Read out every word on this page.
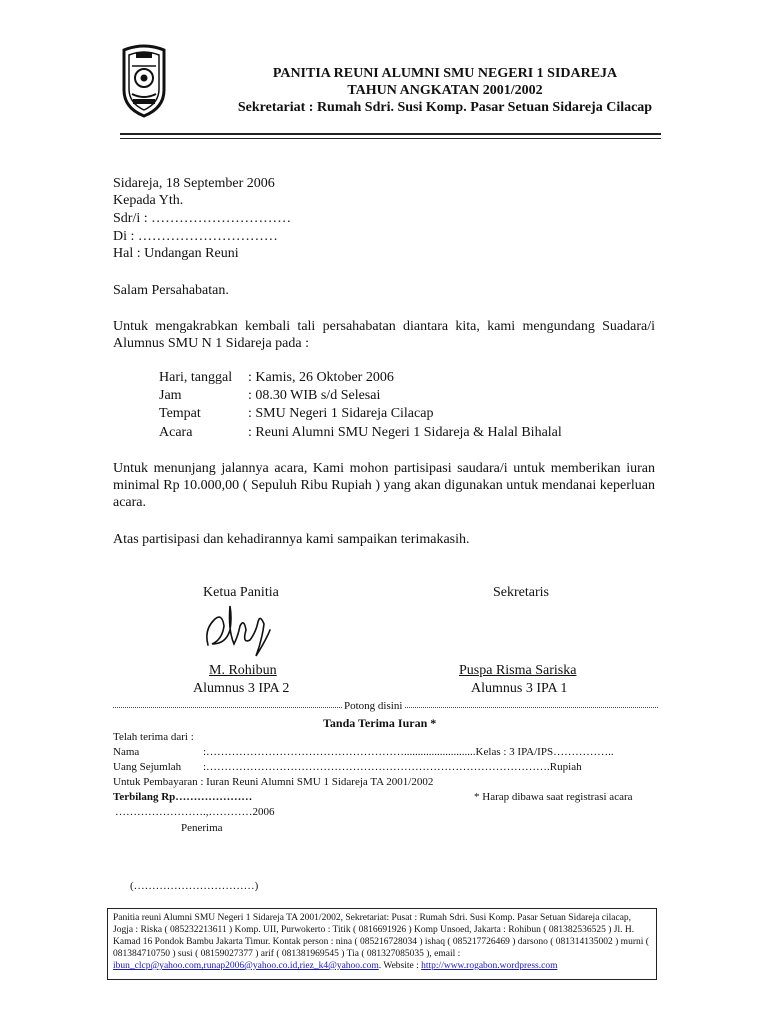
PANITIA REUNI ALUMNI SMU NEGERI 1 SIDAREJA
TAHUN ANGKATAN 2001/2002
Sekretariat : Rumah Sdri. Susi Komp. Pasar Setuan Sidareja Cilacap
Sidareja, 18 September 2006
Kepada Yth.
Sdr/i : …………………………
Di : …………………………
Hal : Undangan Reuni
Salam Persahabatan.
Untuk mengakrabkan kembali tali persahabatan diantara kita, kami mengundang Suadara/i Alumnus SMU N 1 Sidareja pada :
Hari, tanggal : Kamis, 26 Oktober 2006
Jam	: 08.30 WIB s/d Selesai
Tempat	: SMU Negeri 1 Sidareja Cilacap
Acara	: Reuni Alumni SMU Negeri 1 Sidareja & Halal Bihalal
Untuk menunjang jalannya acara, Kami mohon partisipasi saudara/i untuk memberikan iuran minimal Rp 10.000,00 ( Sepuluh Ribu Rupiah ) yang akan digunakan untuk mendanai keperluan acara.
Atas partisipasi dan kehadirannya kami sampaikan terimakasih.
Ketua Panitia	Sekretaris
M. Rohibun
Alumnus 3 IPA 2
Puspa Risma Sariska
Alumnus 3 IPA 1
Potong disini
Tanda Terima Iuran *
Telah terima dari :
Nama	:………………………………………………..........................Kelas : 3 IPA/IPS……………..
Uang Sejumlah :………………………………………………………………………………….Rupiah
Untuk Pembayaran : Iuran Reuni Alumni SMU 1 Sidareja TA 2001/2002
Terbilang Rp…………………	* Harap dibawa saat registrasi acara
…………………….,…………2006
Penerima
(……………………………)
Panitia reuni Alumni SMU Negeri 1 Sidareja TA 2001/2002, Sekretariat: Pusat : Rumah Sdri. Susi Komp. Pasar Setuan Sidareja cilacap, Jogja : Riska ( 085232213611 ) Komp. UII, Purwokerto : Titik ( 0816691926 ) Komp Unsoed, Jakarta : Rohibun ( 081382536525 ) Jl. H. Kamad 16 Pondok Bambu Jakarta Timur. Kontak person : nina ( 085216728034 ) ishaq ( 085217726469 ) darsono ( 081314135002 ) murni ( 081384710750 ) susi ( 08159027377 ) arif ( 081381969545 ) Tia ( 081327085035 ), email :
ibun_clcp@yahoo.com,runap2006@yahoo.co.id,riez_k4@yahoo.com. Website : http://www.rogabon.wordpress.com
